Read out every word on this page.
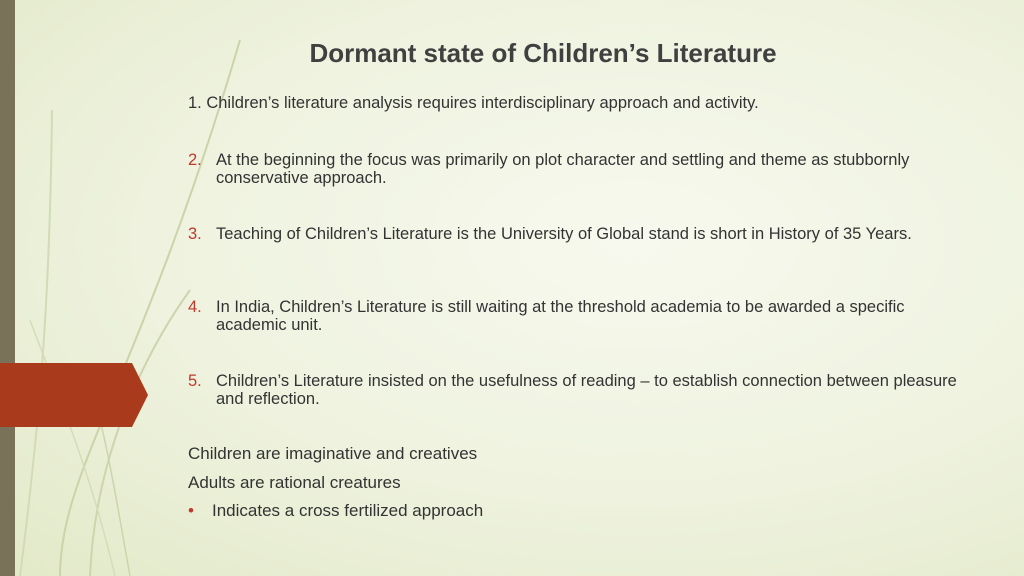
Dormant state of Children’s Literature
1. Children’s literature analysis requires interdisciplinary approach and activity.
2. At the beginning the focus was primarily on plot character and settling and theme as stubbornly conservative approach.
3. Teaching of Children’s Literature is the University of Global stand is short in History of 35 Years.
4. In India, Children’s Literature is still waiting at the threshold academia to be awarded a specific academic unit.
5. Children’s Literature insisted on the usefulness of reading – to establish connection between pleasure and reflection.
Children are imaginative and creatives
Adults are rational creatures
• Indicates a cross fertilized approach
